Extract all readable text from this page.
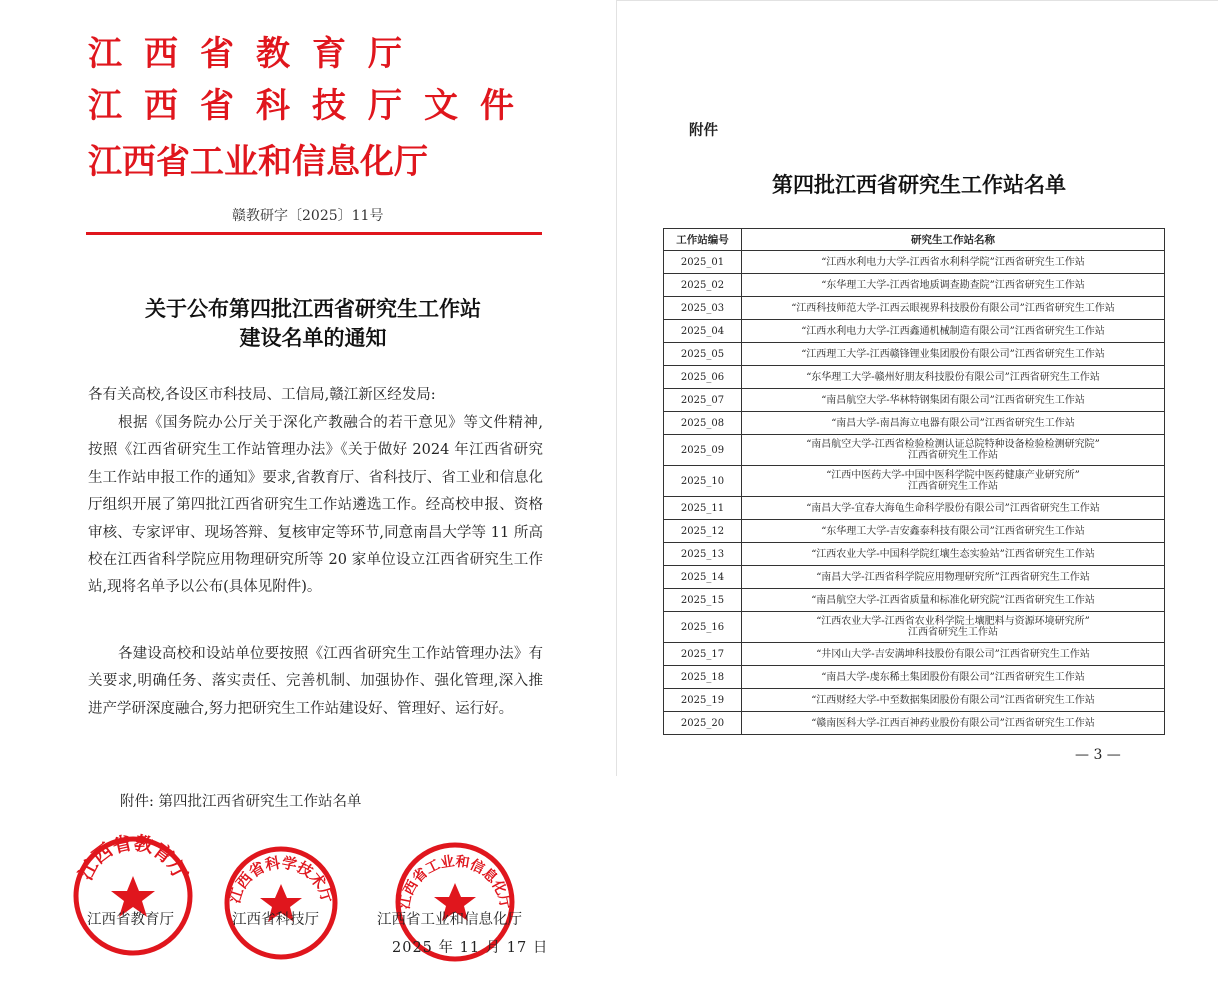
江西省教育厅
江西省科技厅文件
江西省工业和信息化厅
赣教研字〔2025〕11号
关于公布第四批江西省研究生工作站
建设名单的通知
各有关高校,各设区市科技局、工信局,赣江新区经发局:
根据《国务院办公厅关于深化产教融合的若干意见》等文件精神,按照《江西省研究生工作站管理办法》《关于做好 2024 年江西省研究生工作站申报工作的通知》要求,省教育厅、省科技厅、省工业和信息化厅组织开展了第四批江西省研究生工作站遴选工作。经高校申报、资格审核、专家评审、现场答辩、复核审定等环节,同意南昌大学等 11 所高校在江西省科学院应用物理研究所等 20 家单位设立江西省研究生工作站,现将名单予以公布(具体见附件)。
各建设高校和设站单位要按照《江西省研究生工作站管理办法》有关要求,明确任务、落实责任、完善机制、加强协作、强化管理,深入推进产学研深度融合,努力把研究生工作站建设好、管理好、运行好。
附件: 第四批江西省研究生工作站名单
江西省教育厅
江西省科学技术厅	江西省工业和信息化厅
江西省教育厅	江西省科技厅	江西省工业和信息化厅
2025 年 11 月 17 日
附件
第四批江西省研究生工作站名单
工作站编号	研究生工作站名称
2025_01	“江西水利电力大学-江西省水利科学院”江西省研究生工作站

2025_02	“东华理工大学-江西省地质调查勘查院”江西省研究生工作站

2025_03	“江西科技师范大学-江西云眼视界科技股份有限公司”江西省研究生工作站

2025_04	“江西水利电力大学-江西鑫通机械制造有限公司”江西省研究生工作站

2025_05	“江西理工大学-江西赣锋锂业集团股份有限公司”江西省研究生工作站

2025_06	“东华理工大学-赣州好朋友科技股份有限公司”江西省研究生工作站

2025_07	“南昌航空大学-华林特钢集团有限公司”江西省研究生工作站

2025_08	“南昌大学-南昌海立电器有限公司”江西省研究生工作站

2025_09	“南昌航空大学-江西省检验检测认证总院特种设备检验检测研究院”
江西省研究生工作站

2025_10	“江西中医药大学-中国中医科学院中医药健康产业研究所”
江西省研究生工作站

2025_11	“南昌大学-宜春大海龟生命科学股份有限公司”江西省研究生工作站

2025_12	“东华理工大学-吉安鑫泰科技有限公司”江西省研究生工作站

2025_13	“江西农业大学-中国科学院红壤生态实验站”江西省研究生工作站

2025_14	“南昌大学-江西省科学院应用物理研究所”江西省研究生工作站

2025_15	“南昌航空大学-江西省质量和标准化研究院”江西省研究生工作站

2025_16	“江西农业大学-江西省农业科学院土壤肥料与资源环境研究所”
江西省研究生工作站

2025_17	“井冈山大学-吉安满坤科技股份有限公司”江西省研究生工作站

2025_18	“南昌大学-虔东稀土集团股份有限公司”江西省研究生工作站

2025_19	“江西财经大学-中至数据集团股份有限公司”江西省研究生工作站

2025_20	“赣南医科大学-江西百神药业股份有限公司”江西省研究生工作站
— 3 —
